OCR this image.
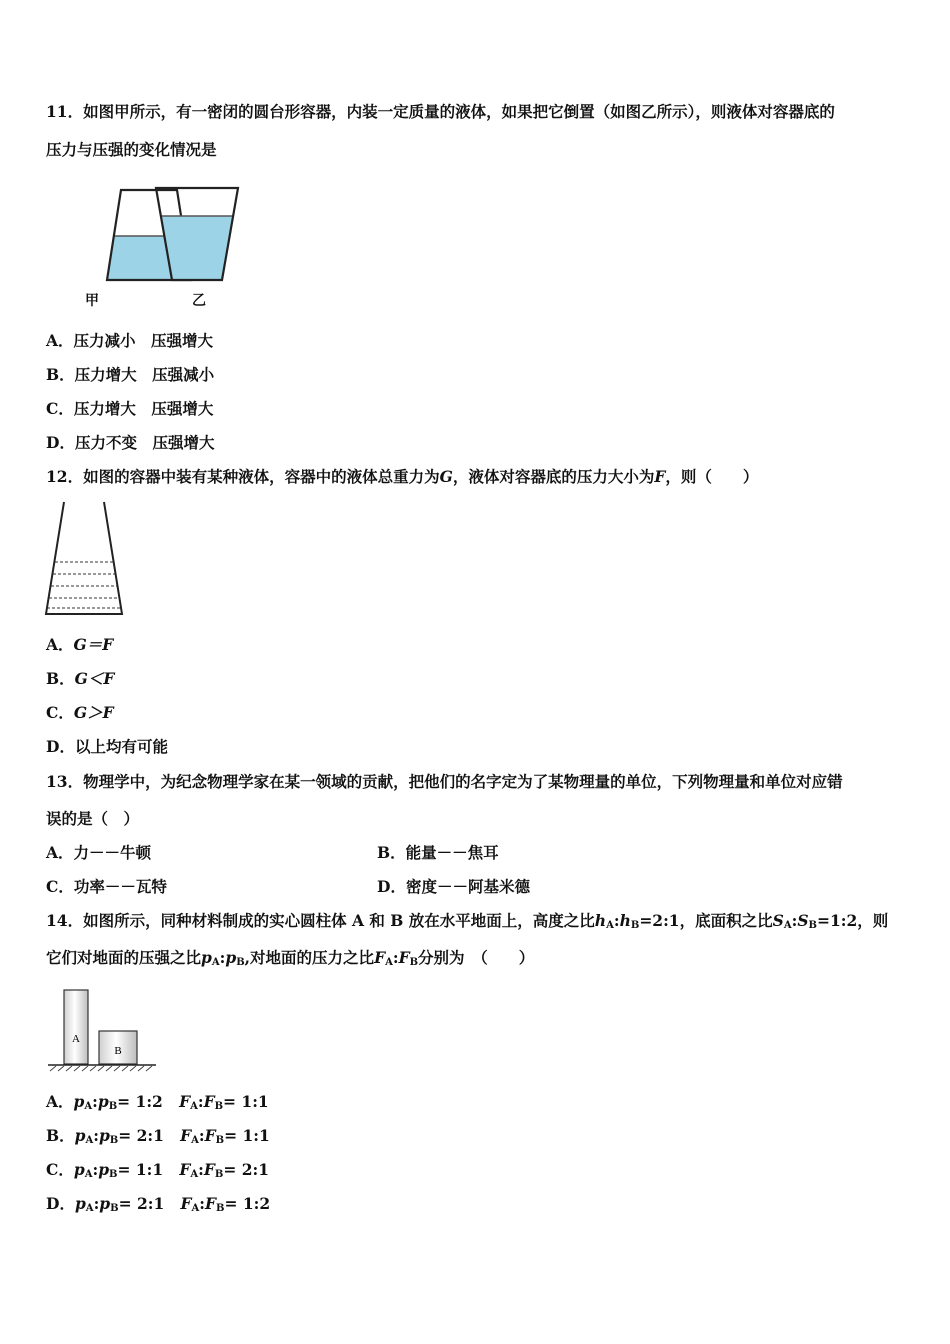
11．如图甲所示，有一密闭的圆台形容器，内装一定质量的液体，如果把它倒置（如图乙所示），则液体对容器底的
压力与压强的变化情况是
甲	乙
A．压力减小　压强增大
B．压力增大　压强减小
C．压力增大　压强增大
D．压力不变　压强增大
12．如图的容器中装有某种液体，容器中的液体总重力为G，液体对容器底的压力大小为F，则（　　）
A．G＝F
B．G＜F
C．G＞F
D．以上均有可能
13．物理学中，为纪念物理学家在某一领域的贡献，把他们的名字定为了某物理量的单位，下列物理量和单位对应错
误的是（　）
A．力－－牛顿	B．能量－－焦耳
C．功率－－瓦特	D．密度－－阿基米德
14．如图所示，同种材料制成的实心圆柱体 A 和 B 放在水平地面上，高度之比$h_A:h_B=2:1$，底面积之比$S_A:S_B=1:2$，则
它们对地面的压强之比$p_A:p_B$,对地面的压力之比$F_A:F_B$分别为　（　　）
A
B
A．$p_A:p_B=$ 1:2 $F_A:F_B=$ 1:1
B．$p_A:p_B=$ 2:1 $F_A:F_B=$ 1:1
C．$p_A:p_B=$ 1:1 $F_A:F_B=$ 2:1
D．$p_A:p_B=$ 2:1 $F_A:F_B=$ 1:2
